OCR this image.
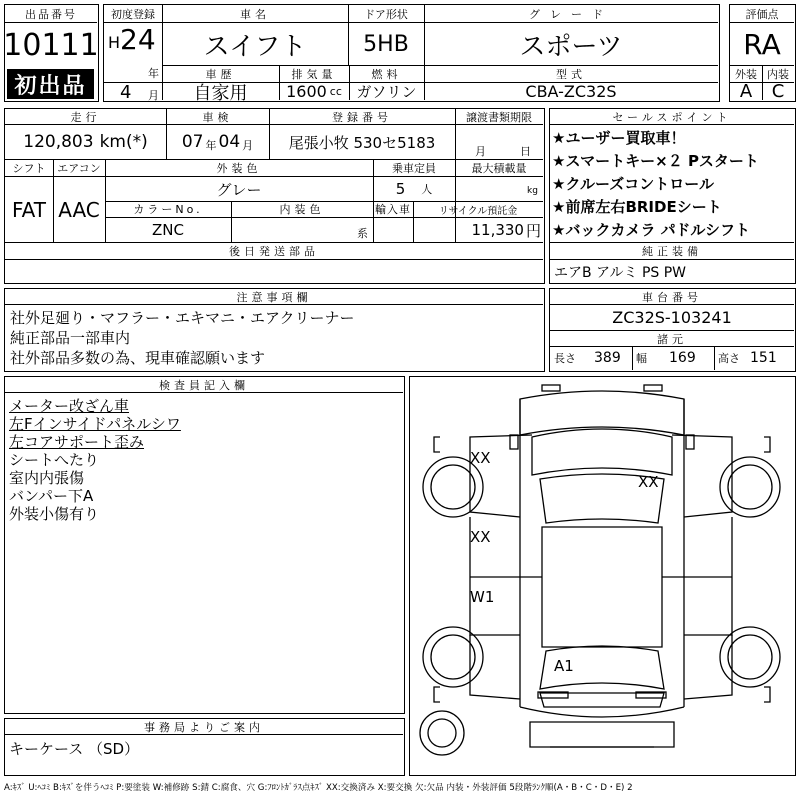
出品番号
10111
初出品
初度登録
H 24
年
4 月
車名
スイフト
ドア形状
5HB
グレード
スポーツ
車歴
自家用
排気量
1600 cc
燃料
ガソリン
型式
CBA-ZC32S
評価点
RA
外装 内装
A	C
走行
120,803 km(*)
車検
07 年 04 月
登録番号
尾張小牧 530セ5183
譲渡書類期限
月	日
シフト
FAT
エアコン
AAC
外装色
グレー
乗車定員
5 人
最大積載量
kg
カラーNo.
ZNC
内装色
系
輸入車	リサイクル預託金
11,330 円
後日発送部品
セールスポイント
★ユーザー買取車！
★スマートキー×２ Pスタート
★クルーズコントロール
★前席左右BRIDEシート
★バックカメラ パドルシフト
純正装備
エアB アルミ PS PW
注意事項欄
社外足廻り・マフラー・エキマニ・エアクリーナー
純正部品一部車内
社外部品多数の為、現車確認願います
車台番号
ZC32S-103241
諸元
長さ 389 幅 169 高さ 151
検査員記入欄
メーター改ざん車
左Fインサイドパネルシワ
左コアサポート歪み
シートへたり
室内内張傷
バンパー下A
外装小傷有り
事務局よりご案内
キーケース （SD）
XX
XX
XX
W1
A1
A:ｷｽﾞ U:ﾍｺﾐ B:ｷｽﾞを伴うﾍｺﾐ P:要塗装 W:補修跡 S:錆 C:腐食、穴 G:ﾌﾛﾝﾄｶﾞﾗｽ点ｷｽﾞ XX:交換済み X:要交換 欠:欠品 内装・外装評価 5段階ﾗﾝｸ順(A・B・C・D・E) 2
